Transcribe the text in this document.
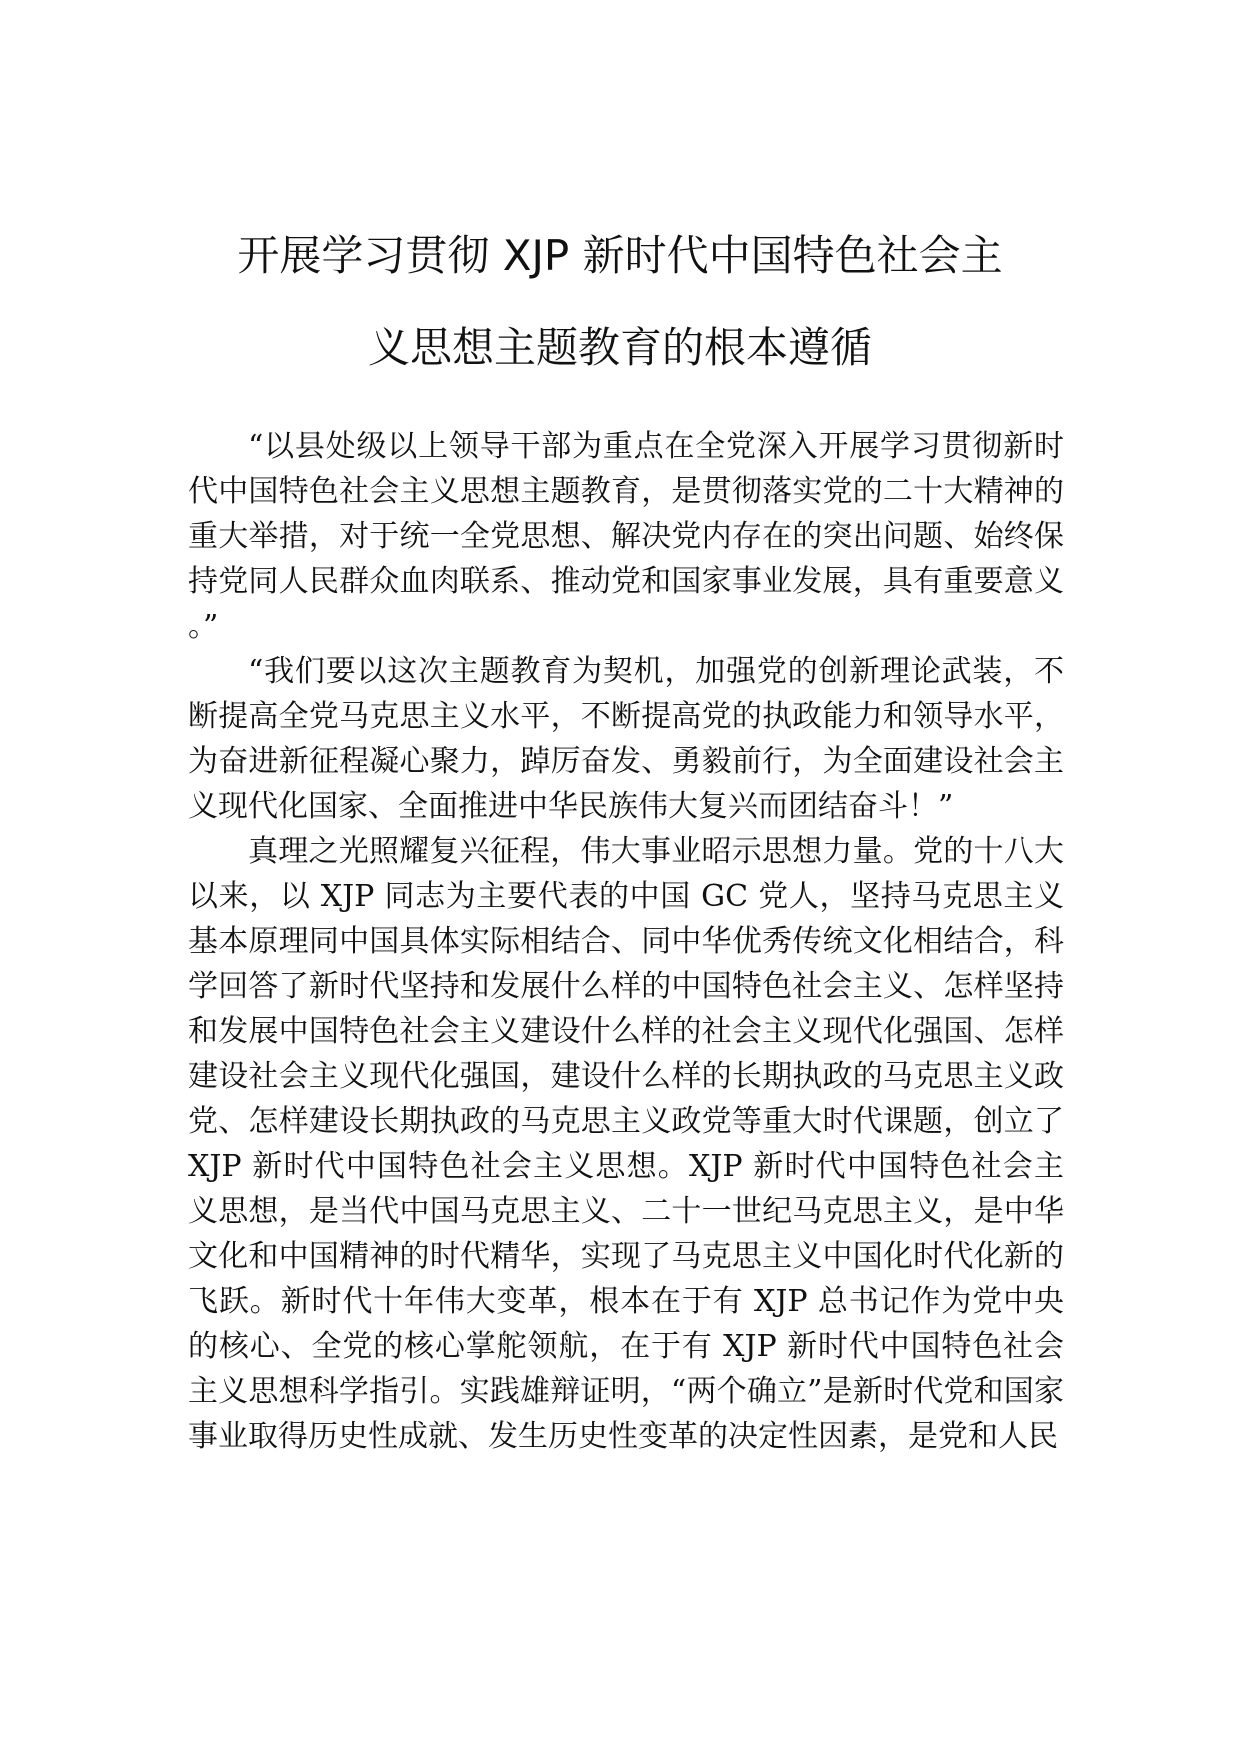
开展学习贯彻 XJP 新时代中国特色社会主
义思想主题教育的根本遵循

“以县处级以上领导干部为重点在全党深入开展学习贯彻新时代中国特色社会主义思想主题教育，是贯彻落实党的二十大精神的重大举措，对于统一全党思想、解决党内存在的突出问题、始终保持党同人民群众血肉联系、推动党和国家事业发展，具有重要意义。”

“我们要以这次主题教育为契机，加强党的创新理论武装，不断提高全党马克思主义水平，不断提高党的执政能力和领导水平，为奋进新征程凝心聚力，踔厉奋发、勇毅前行，为全面建设社会主义现代化国家、全面推进中华民族伟大复兴而团结奋斗！”

真理之光照耀复兴征程，伟大事业昭示思想力量。党的十八大以来，以 XJP 同志为主要代表的中国 GC 党人，坚持马克思主义基本原理同中国具体实际相结合、同中华优秀传统文化相结合，科学回答了新时代坚持和发展什么样的中国特色社会主义、怎样坚持和发展中国特色社会主义建设什么样的社会主义现代化强国、怎样建设社会主义现代化强国，建设什么样的长期执政的马克思主义政党、怎样建设长期执政的马克思主义政党等重大时代课题，创立了 XJP 新时代中国特色社会主义思想。XJP 新时代中国特色社会主义思想，是当代中国马克思主义、二十一世纪马克思主义，是中华文化和中国精神的时代精华，实现了马克思主义中国化时代化新的飞跃。新时代十年伟大变革，根本在于有 XJP 总书记作为党中央的核心、全党的核心掌舵领航，在于有 XJP 新时代中国特色社会主义思想科学指引。实践雄辩证明，“两个确立”是新时代党和国家事业取得历史性成就、发生历史性变革的决定性因素，是党和人民
